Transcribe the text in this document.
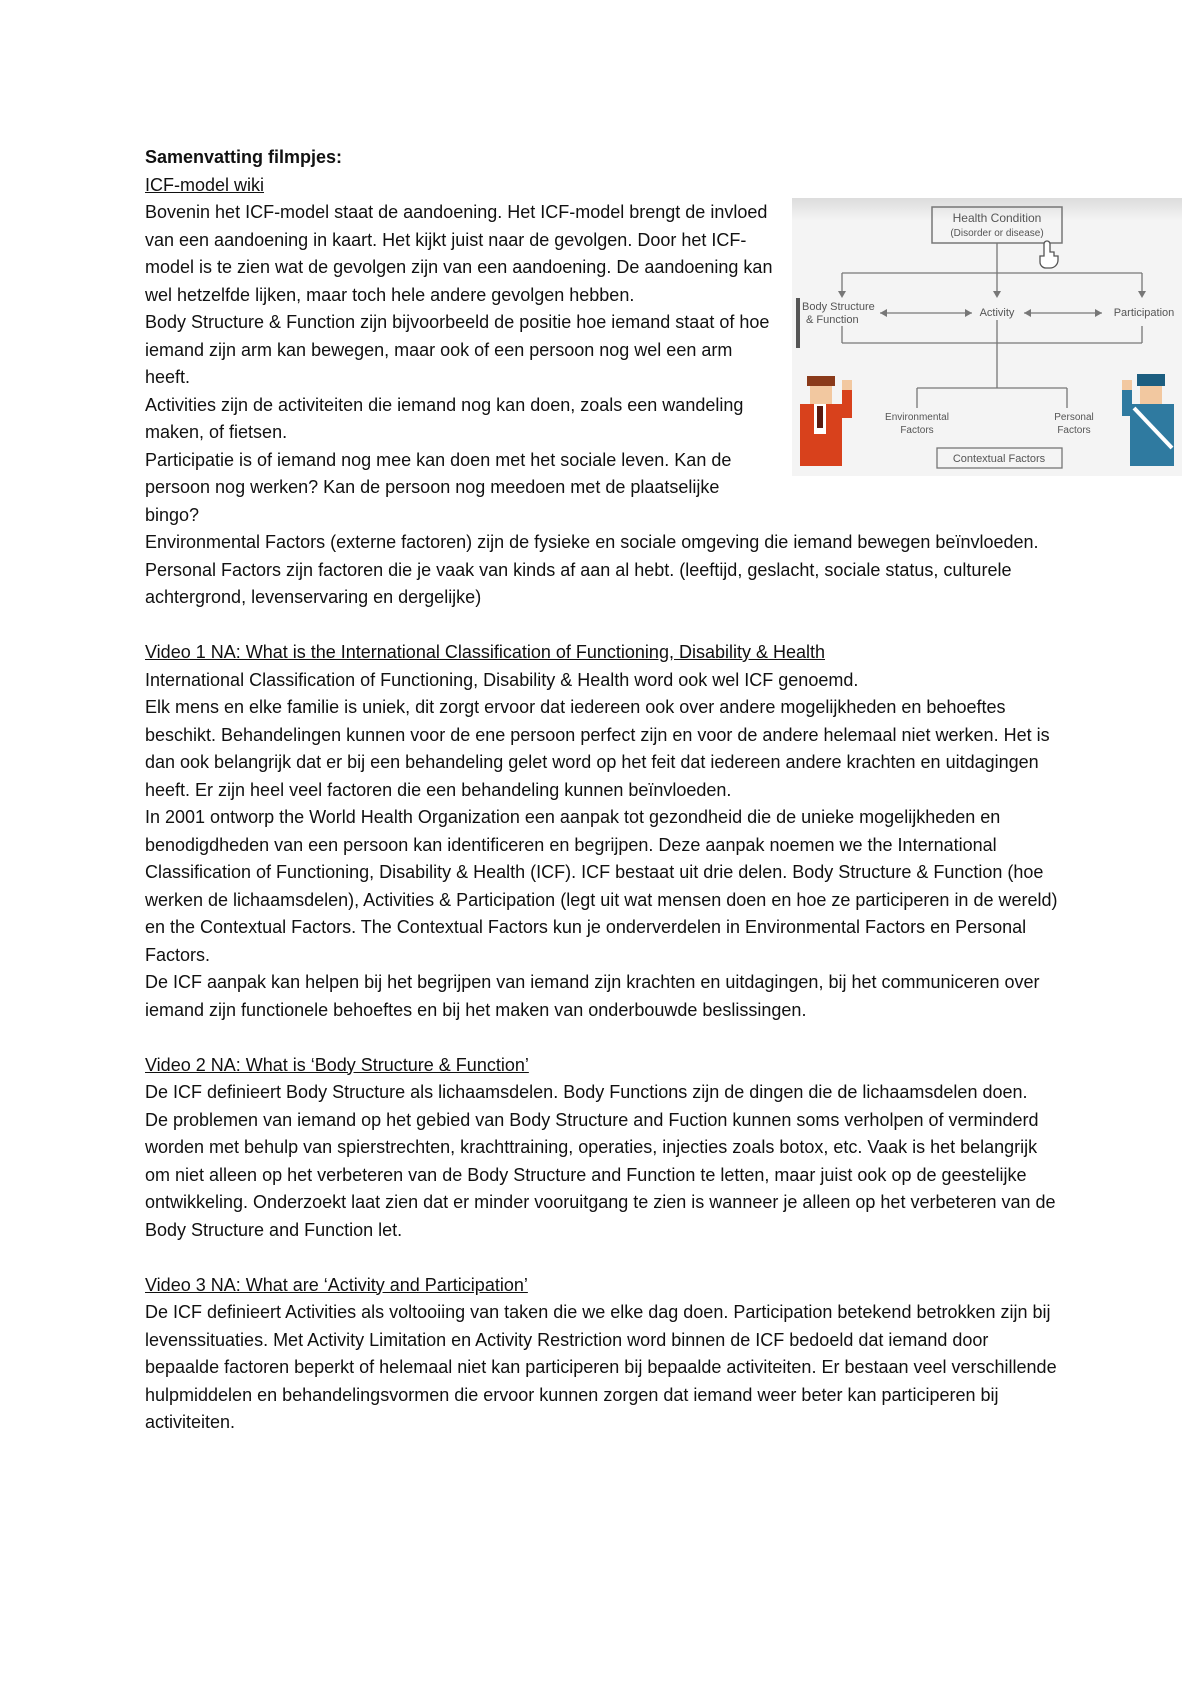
Health Condition
(Disorder or disease)
Body Structure
& Function
Activity	Participation
Environmental
Factors
Personal
Factors
Contextual Factors

Samenvatting filmpjes:

ICF-model wiki

Bovenin het ICF-model staat de aandoening. Het ICF-model brengt de invloed van een aandoening in kaart. Het kijkt juist naar de gevolgen. Door het ICF-model is te zien wat de gevolgen zijn van een aandoening. De aandoening kan wel hetzelfde lijken, maar toch hele andere gevolgen hebben.

Body Structure & Function zijn bijvoorbeeld de positie hoe iemand staat of hoe iemand zijn arm kan bewegen, maar ook of een persoon nog wel een arm heeft.

Activities zijn de activiteiten die iemand nog kan doen, zoals een wandeling maken, of fietsen.

Participatie is of iemand nog mee kan doen met het sociale leven. Kan de persoon nog werken? Kan de persoon nog meedoen met de plaatselijke bingo?

Environmental Factors (externe factoren) zijn de fysieke en sociale omgeving die iemand bewegen beïnvloeden.

Personal Factors zijn factoren die je vaak van kinds af aan al hebt. (leeftijd, geslacht, sociale status, culturele achtergrond, levenservaring en dergelijke)

Video 1 NA: What is the International Classification of Functioning, Disability & Health

International Classification of Functioning, Disability & Health word ook wel ICF genoemd.

Elk mens en elke familie is uniek, dit zorgt ervoor dat iedereen ook over andere mogelijkheden en behoeftes beschikt. Behandelingen kunnen voor de ene persoon perfect zijn en voor de andere helemaal niet werken. Het is dan ook belangrijk dat er bij een behandeling gelet word op het feit dat iedereen andere krachten en uitdagingen heeft. Er zijn heel veel factoren die een behandeling kunnen beïnvloeden.

In 2001 ontworp the World Health Organization een aanpak tot gezondheid die de unieke mogelijkheden en benodigdheden van een persoon kan identificeren en begrijpen. Deze aanpak noemen we the International Classification of Functioning, Disability & Health (ICF). ICF bestaat uit drie delen. Body Structure & Function (hoe werken de lichaamsdelen), Activities & Participation (legt uit wat mensen doen en hoe ze participeren in de wereld) en the Contextual Factors. The Contextual Factors kun je onderverdelen in Environmental Factors en Personal Factors.

De ICF aanpak kan helpen bij het begrijpen van iemand zijn krachten en uitdagingen, bij het communiceren over iemand zijn functionele behoeftes en bij het maken van onderbouwde beslissingen.

Video 2 NA: What is ‘Body Structure & Function’

De ICF definieert Body Structure als lichaamsdelen. Body Functions zijn de dingen die de lichaamsdelen doen.

De problemen van iemand op het gebied van Body Structure and Fuction kunnen soms verholpen of verminderd worden met behulp van spierstrechten, krachttraining, operaties, injecties zoals botox, etc. Vaak is het belangrijk om niet alleen op het verbeteren van de Body Structure and Function te letten, maar juist ook op de geestelijke ontwikkeling. Onderzoekt laat zien dat er minder vooruitgang te zien is wanneer je alleen op het verbeteren van de Body Structure and Function let.

Video 3 NA: What are ‘Activity and Participation’

De ICF definieert Activities als voltooiing van taken die we elke dag doen. Participation betekend betrokken zijn bij levenssituaties. Met Activity Limitation en Activity Restriction word binnen de ICF bedoeld dat iemand door bepaalde factoren beperkt of helemaal niet kan participeren bij bepaalde activiteiten. Er bestaan veel verschillende hulpmiddelen en behandelingsvormen die ervoor kunnen zorgen dat iemand weer beter kan participeren bij activiteiten.
